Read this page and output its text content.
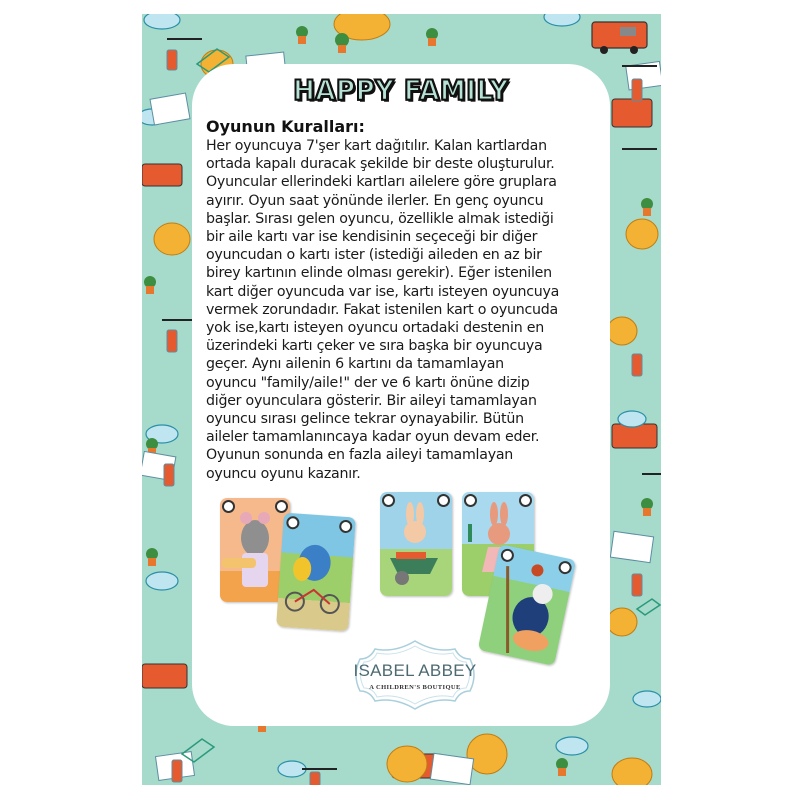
HAPPY FAMILY
Oyunun Kuralları:
Her oyuncuya 7'şer kart dağıtılır. Kalan kartlardan
ortada kapalı duracak şekilde bir deste oluşturulur.
Oyuncular ellerindeki kartları ailelere göre gruplara
ayırır. Oyun saat yönünde ilerler. En genç oyuncu
başlar. Sırası gelen oyuncu, özellikle almak istediği
bir aile kartı var ise kendisinin seçeceği bir diğer
oyuncudan o kartı ister (istediği aileden en az bir
birey kartının elinde olması gerekir). Eğer istenilen
kart diğer oyuncuda var ise, kartı isteyen oyuncuya
vermek zorundadır. Fakat istenilen kart o oyuncuda
yok ise,kartı isteyen oyuncu ortadaki destenin en
üzerindeki kartı çeker ve sıra başka bir oyuncuya
geçer. Aynı ailenin 6 kartını da tamamlayan
oyuncu "family/aile!" der ve 6 kartı önüne dizip
diğer oyunculara gösterir. Bir aileyi tamamlayan
oyuncu sırası gelince tekrar oynayabilir. Bütün
aileler tamamlanıncaya kadar oyun devam eder.
Oyunun sonunda en fazla aileyi tamamlayan
oyuncu oyunu kazanır.
ISABEL ABBEY
A CHILDREN'S BOUTIQUE
